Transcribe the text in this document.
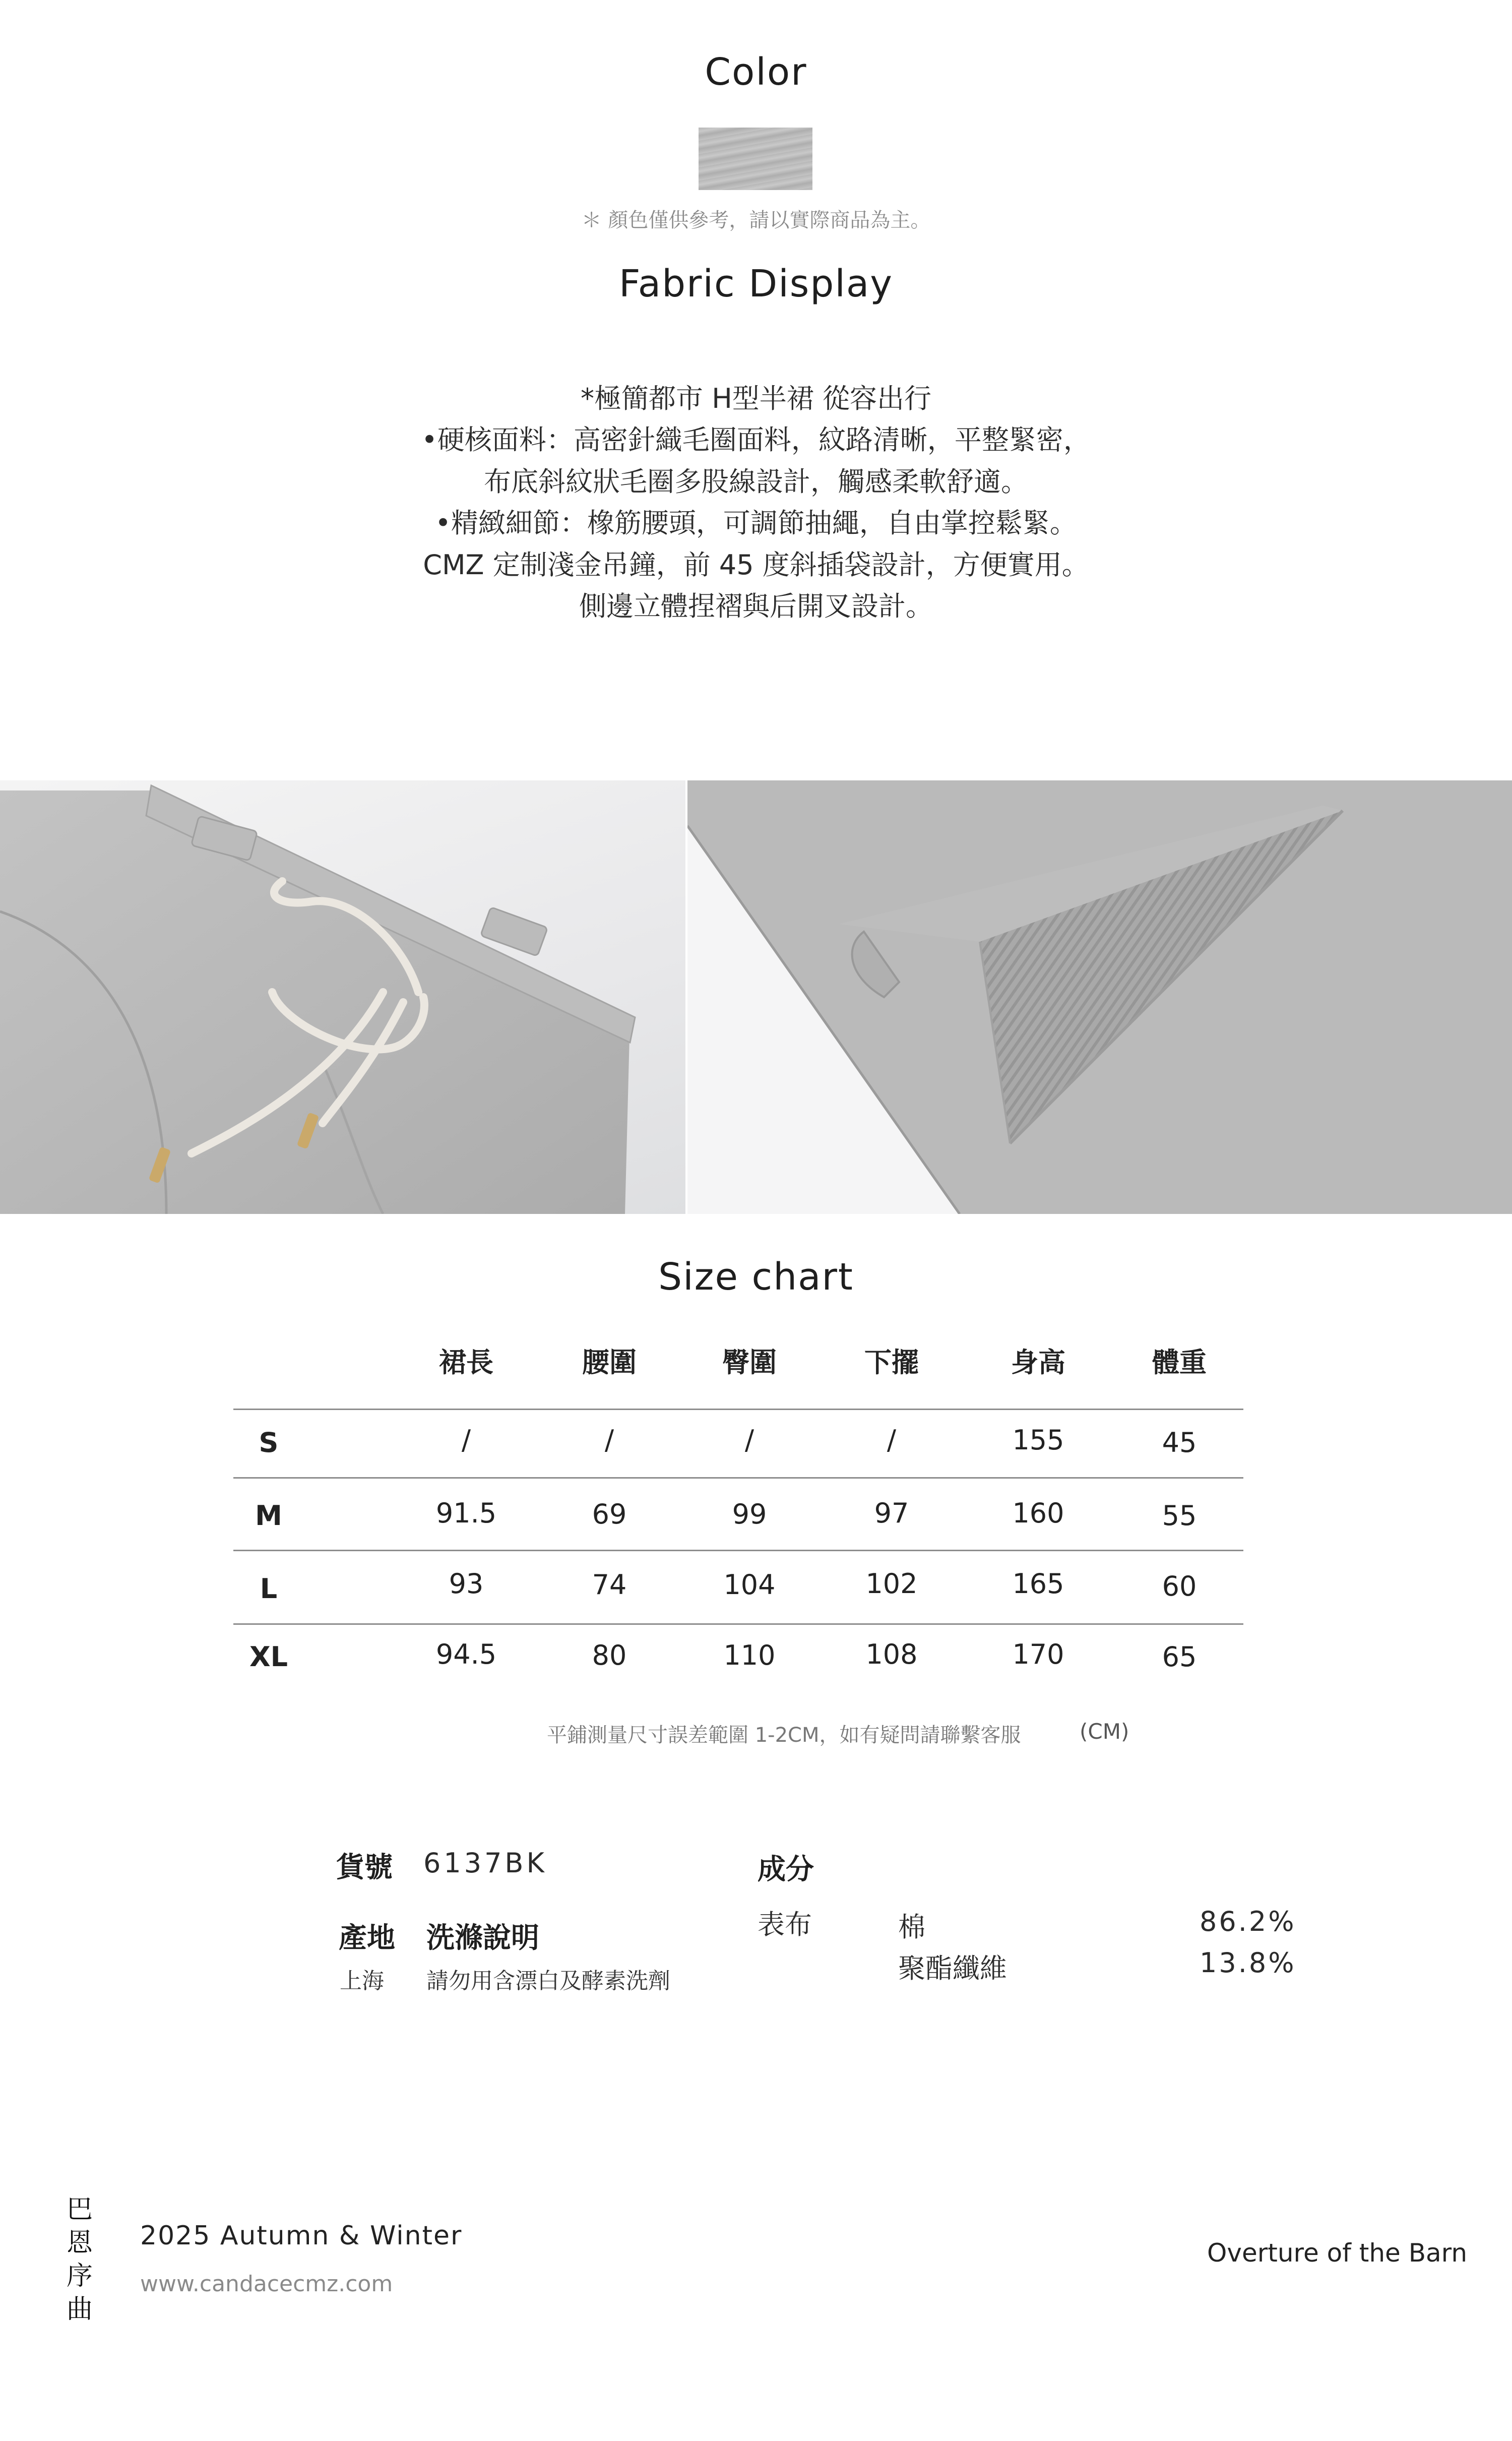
Color
＊ 顏色僅供參考，請以實際商品為主。
Fabric Display
*極簡都市 H型半裙 從容出行
•硬核面料：高密針織毛圈面料，紋路清晰，平整緊密，
布底斜紋狀毛圈多股線設計，觸感柔軟舒適。
•精緻細節：橡筋腰頭，可調節抽繩，自由掌控鬆緊。
CMZ 定制淺金吊鐘，前 45 度斜插袋設計，方便實用。
側邊立體捏褶與后開叉設計。
Size chart
裙長	腰圍	臀圍	下擺	身高	體重
S	/	/	/	/	155	45
M	91.5	69	99	97	160	55
L	93	74	104	102	165	60
XL	94.5	80	110	108	170	65
平鋪測量尺寸誤差範圍 1-2CM，如有疑問請聯繫客服	(CM)
貨號 6137BK
產地 洗滌說明
上海 請勿用含漂白及酵素洗劑
成分
表布	棉	86.2%
聚酯纖維	13.8%
巴
恩
序
曲
2025 Autumn & Winter
www.candacecmz.com
Overture of the Barn
